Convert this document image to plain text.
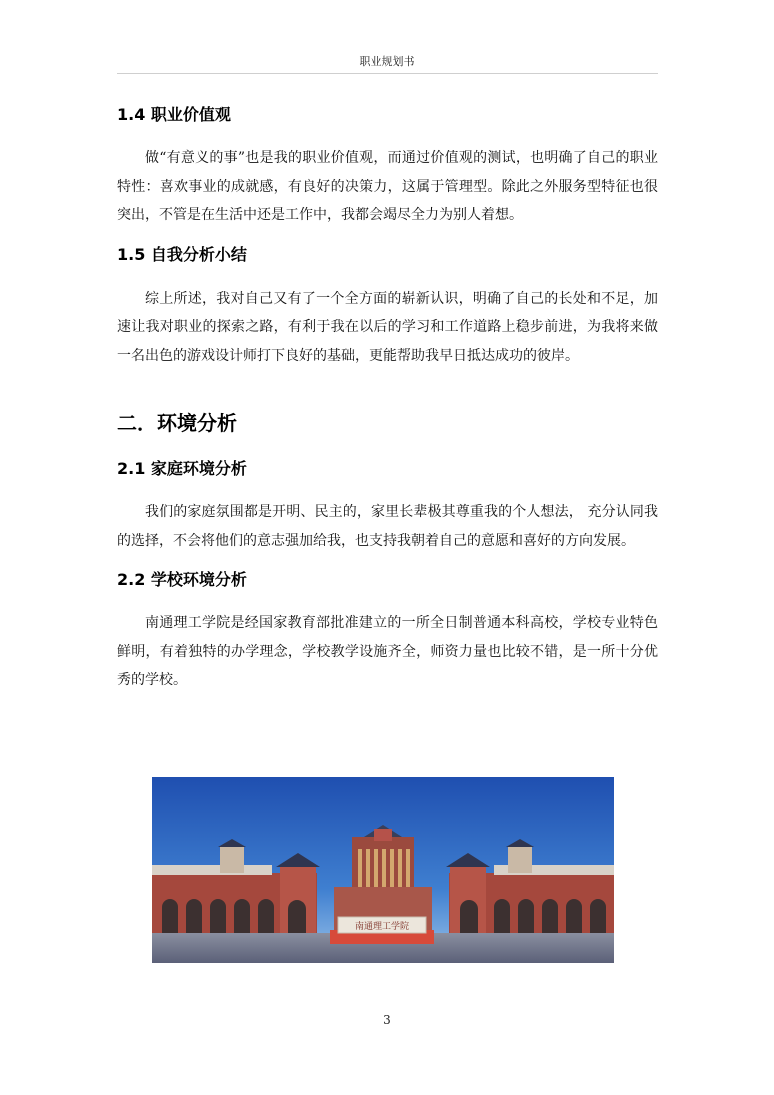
职业规划书
1.4 职业价值观

做“有意义的事”也是我的职业价值观，而通过价值观的测试，也明确了自己的职业特性：喜欢事业的成就感，有良好的决策力，这属于管理型。除此之外服务型特征也很突出，不管是在生活中还是工作中，我都会竭尽全力为别人着想。

1.5 自我分析小结

综上所述，我对自己又有了一个全方面的崭新认识，明确了自己的长处和不足，加速让我对职业的探索之路，有利于我在以后的学习和工作道路上稳步前进，为我将来做一名出色的游戏设计师打下良好的基础，更能帮助我早日抵达成功的彼岸。

二．环境分析
2.1 家庭环境分析

我们的家庭氛围都是开明、民主的，家里长辈极其尊重我的个人想法， 充分认同我的选择，不会将他们的意志强加给我，也支持我朝着自己的意愿和喜好的方向发展。

2.2 学校环境分析

南通理工学院是经国家教育部批准建立的一所全日制普通本科高校，学校专业特色鲜明，有着独特的办学理念，学校教学设施齐全，师资力量也比较不错，是一所十分优秀的学校。

南通理工学院
3
